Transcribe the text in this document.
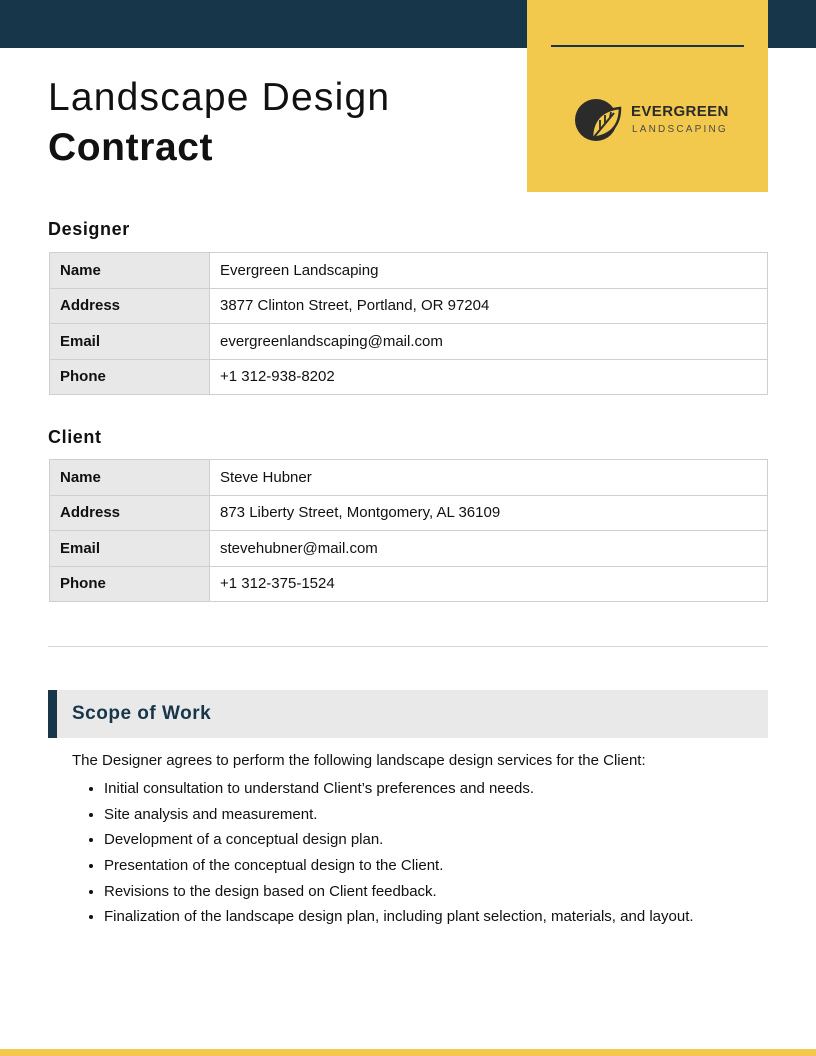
EVERGREEN
LANDSCAPING
Landscape Design
Contract
Designer
Name	Evergreen Landscaping
Address	3877 Clinton Street, Portland, OR 97204
Email	evergreenlandscaping@mail.com
Phone	+1 312-938-8202
Client
Name	Steve Hubner
Address	873 Liberty Street, Montgomery, AL 36109
Email	stevehubner@mail.com
Phone	+1 312-375-1524
Scope of Work
The Designer agrees to perform the following landscape design services for the Client:
• Initial consultation to understand Client’s preferences and needs.
• Site analysis and measurement.
• Development of a conceptual design plan.
• Presentation of the conceptual design to the Client.
• Revisions to the design based on Client feedback.
• Finalization of the landscape design plan, including plant selection, materials, and layout.
